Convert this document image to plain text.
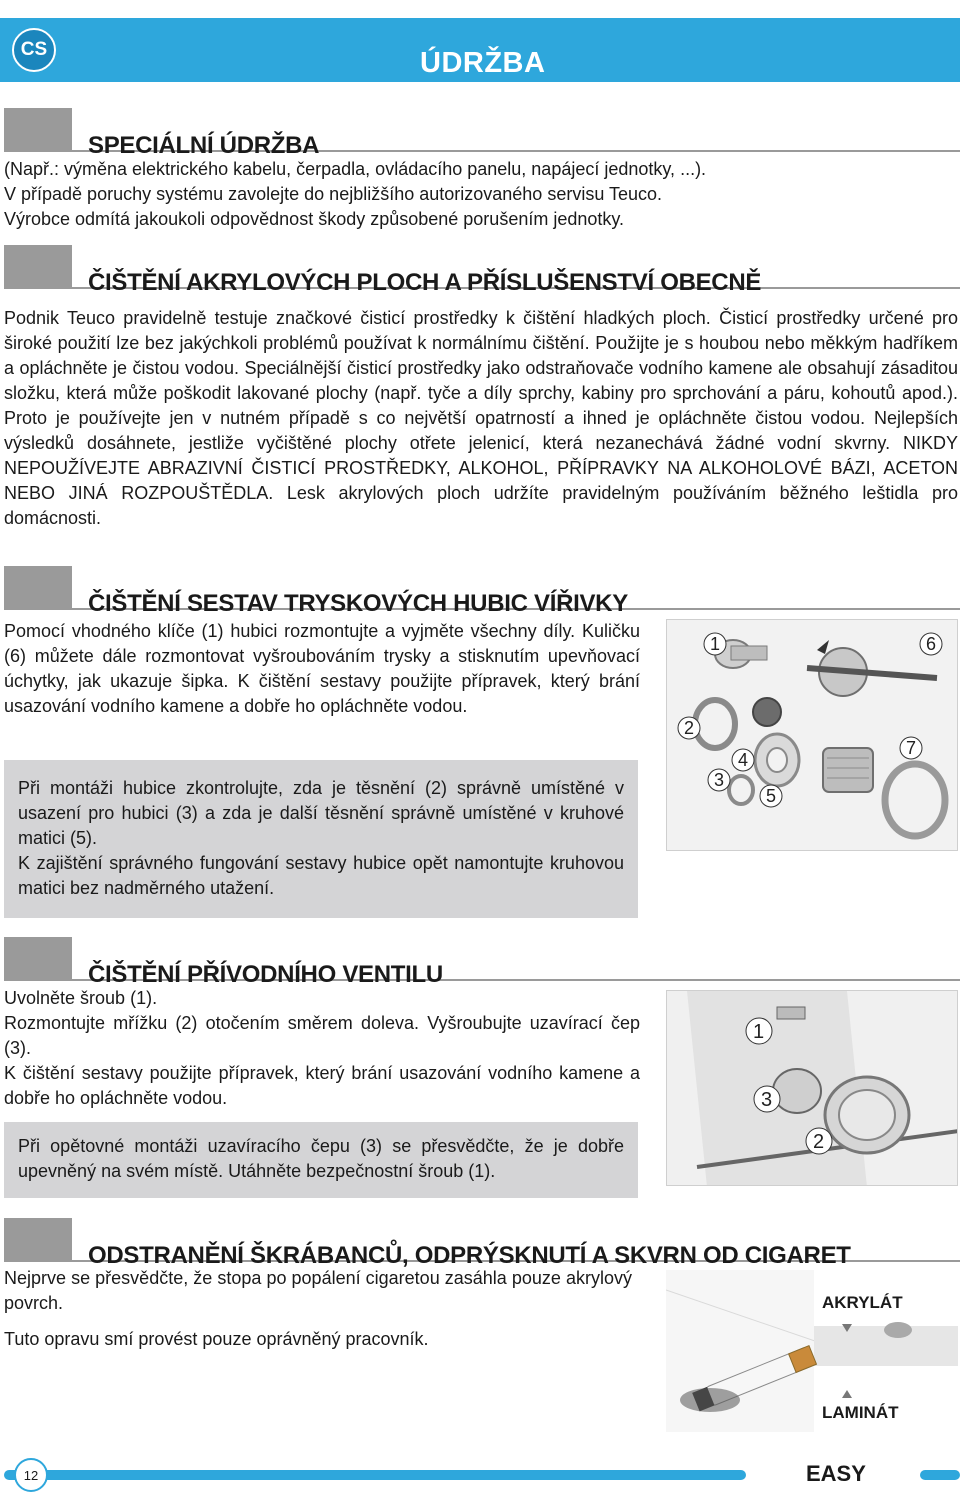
CS	ÚDRŽBA
SPECIÁLNÍ ÚDRŽBA

(Např.: výměna elektrického kabelu, čerpadla, ovládacího panelu, napájecí jednotky, ...).

V případě poruchy systému zavolejte do nejbližšího autorizovaného servisu Teuco.

Výrobce odmítá jakoukoli odpovědnost škody způsobené porušením jednotky.

ČIŠTĚNÍ AKRYLOVÝCH PLOCH A PŘÍSLUŠENSTVÍ OBECNĚ
Podnik Teuco pravidelně testuje značkové čisticí prostředky k čištění hladkých ploch. Čisticí prostředky určené pro široké použití lze bez jakýchkoli problémů používat k normálnímu čištění. Použijte je s houbou nebo měkkým hadříkem a opláchněte je čistou vodou. Speciálnější čisticí prostředky jako odstraňovače vodního kamene ale obsahují zásaditou složku, která může poškodit lakované plochy (např. tyče a díly sprchy, kabiny pro sprchování a páru, kohoutů apod.). Proto je používejte jen v nutném případě s co největší opatrností a ihned je opláchněte čistou vodou. Nejlepších výsledků dosáhnete, jestliže vyčištěné plochy otřete jelenicí, která nezanechává žádné vodní skvrny. NIKDY NEPOUŽÍVEJTE ABRAZIVNÍ ČISTICÍ PROSTŘEDKY, ALKOHOL, PŘÍPRAVKY NA ALKOHOLOVÉ BÁZI, ACETON NEBO JINÁ ROZPOUŠTĚDLA. Lesk akrylových ploch udržíte pravidelným používáním běžného leštidla pro domácnosti.
ČIŠTĚNÍ SESTAV TRYSKOVÝCH HUBIC VÍŘIVKY
Pomocí vhodného klíče (1) hubici rozmontujte a vyjměte všechny díly. Kuličku (6) můžete dále rozmontovat vyšroubováním trysky a stisknutím upevňovací úchytky, jak ukazuje šipka. K čištění sestavy použijte přípravek, který brání usazování vodního kamene a dobře ho opláchněte vodou.

Při montáži hubice zkontrolujte, zda je těsnění (2) správně umístěné v usazení pro hubici (3) a zda je další těsnění správně umístěné v kruhové matici (5).

K zajištění správného fungování sestavy hubice opět namontujte kruhovou matici bez nadměrného utažení.

1
2
3
4
5
6
7
ČIŠTĚNÍ PŘÍVODNÍHO VENTILU

Uvolněte šroub (1).

Rozmontujte mřížku (2) otočením směrem doleva. Vyšroubujte uzavírací čep (3).

K čištění sestavy použijte přípravek, který brání usazování vodního kamene a dobře ho opláchněte vodou.

Při opětovné montáži uzavíracího čepu (3) se přesvědčte, že je dobře upevněný na svém místě. Utáhněte bezpečnostní šroub (1).
1
2
3
ODSTRANĚNÍ ŠKRÁBANCŮ, ODPRÝSKNUTÍ A SKVRN OD CIGARET
Nejprve se přesvědčte, že stopa po popálení cigaretou zasáhla pouze akrylový povrch.
Tuto opravu smí provést pouze oprávněný pracovník.
AKRYLÁT
LAMINÁT
12	EASY
